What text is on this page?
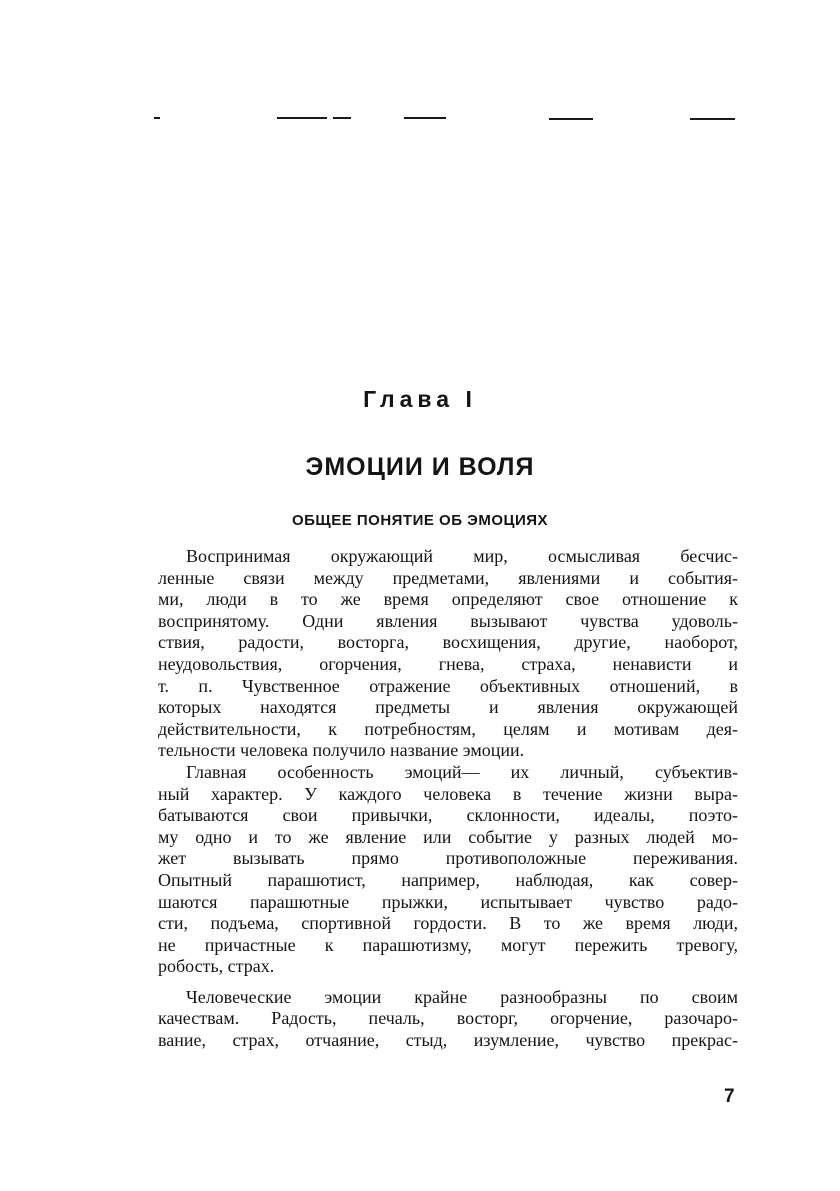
Глава I
ЭМОЦИИ И ВОЛЯ
ОБЩЕЕ ПОНЯТИЕ ОБ ЭМОЦИЯХ
Воспринимая окружающий мир, осмысливая бесчис-
ленные связи между предметами, явлениями и события-
ми, люди в то же время определяют свое отношение к
воспринятому. Одни явления вызывают чувства удоволь-
ствия, радости, восторга, восхищения, другие, наоборот,
неудовольствия, огорчения, гнева, страха, ненависти и
т. п. Чувственное отражение объективных отношений, в
которых находятся предметы и явления окружающей
действительности, к потребностям, целям и мотивам дея-
тельности человека получило название эмоции.
Главная особенность эмоций— их личный, субъектив-
ный характер. У каждого человека в течение жизни выра-
батываются свои привычки, склонности, идеалы, поэто-
му одно и то же явление или событие у разных людей мо-
жет вызывать прямо противоположные переживания.
Опытный парашютист, например, наблюдая, как совер-
шаются парашютные прыжки, испытывает чувство радо-
сти, подъема, спортивной гордости. В то же время люди,
не причастные к парашютизму, могут пережить тревогу,
робость, страх.
Человеческие эмоции крайне разнообразны по своим
качествам. Радость, печаль, восторг, огорчение, разочаро-
вание, страх, отчаяние, стыд, изумление, чувство прекрас-

7
